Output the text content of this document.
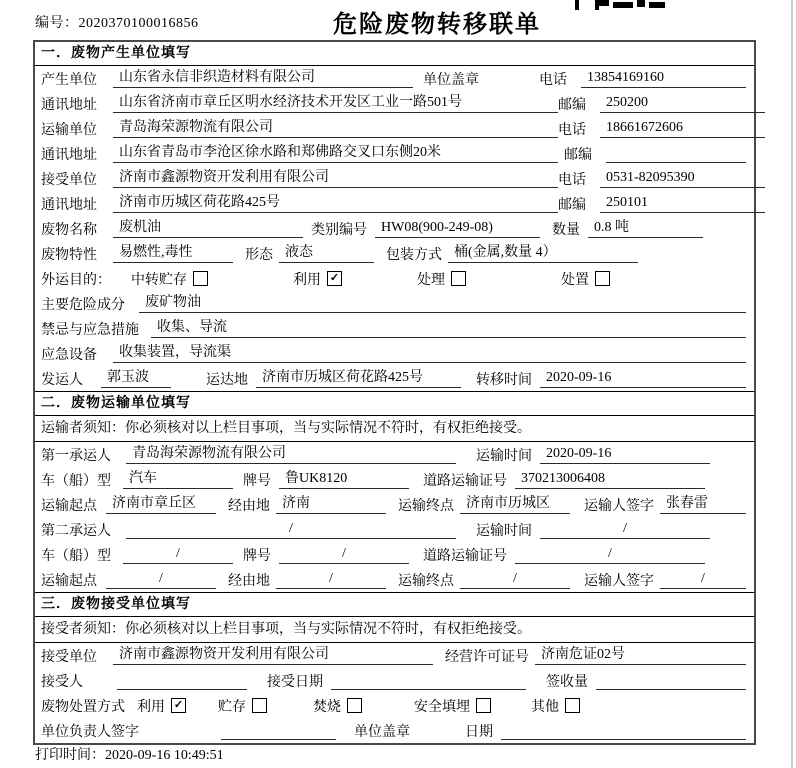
编号：2020370100016856	危险废物转移联单
一．废物产生单位填写
产生单位	山东省永信非织造材料有限公司	单位盖章	电话	13854169160
通讯地址	山东省济南市章丘区明水经济技术开发区工业一路501号	邮编	250200
运输单位	青岛海荣源物流有限公司	电话	18661672606
通讯地址	山东省青岛市李沧区徐水路和郑佛路交叉口东侧20米	邮编
接受单位	济南市鑫源物资开发利用有限公司	电话	0531-82095390
通讯地址	济南市历城区荷花路425号	邮编	250101
废物名称	废机油	类别编号	HW08(900-249-08)	数量	0.8 吨
废物特性	易燃性,毒性	形态 液态	包装方式 桶(金属,数量 4）
外运目的：	中转贮存	利用 ✓	处理	处置
主要危险成分	废矿物油
禁忌与应急措施	收集、导流
应急设备	收集装置，导流渠
发运人	郭玉波	运达地	济南市历城区荷花路425号	转移时间	2020-09-16
二．废物运输单位填写
运输者须知：你必须核对以上栏目事项，当与实际情况不符时，有权拒绝接受。
第一承运人	青岛海荣源物流有限公司	运输时间	2020-09-16
车（船）型	汽车	牌号	鲁UK8120	道路运输证号	370213006408
运输起点	济南市章丘区	经由地 济南	运输终点 济南市历城区	运输人签字 张春雷
第二承运人	/	运输时间	/
车（船）型	/	牌号	/	道路运输证号	/
运输起点	/	经由地	/	运输终点	/	运输人签字	/
三．废物接受单位填写
接受者须知：你必须核对以上栏目事项，当与实际情况不符时，有权拒绝接受。
接受单位	济南市鑫源物资开发利用有限公司	经营许可证号 济南危证02号
接受人	接受日期	签收量
废物处置方式 利用 ✓ 贮存	焚烧	安全填埋	其他
单位负责人签字	单位盖章	日期
打印时间：2020-09-16 10:49:51
